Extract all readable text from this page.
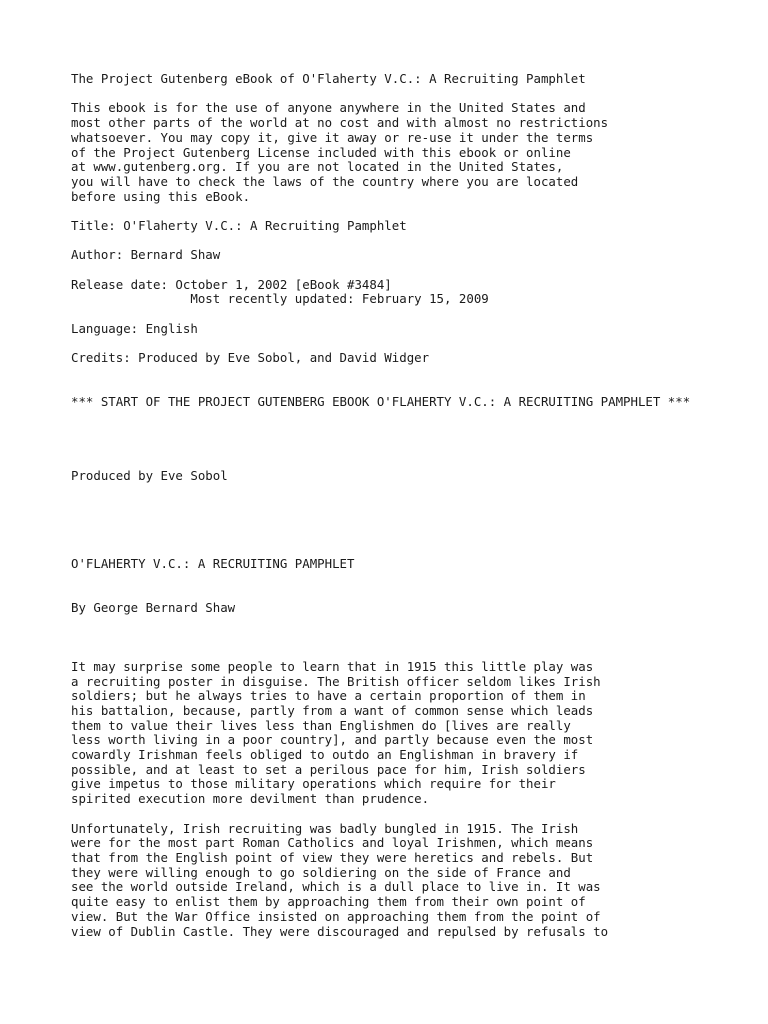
The Project Gutenberg eBook of O'Flaherty V.C.: A Recruiting Pamphlet
This ebook is for the use of anyone anywhere in the United States and
most other parts of the world at no cost and with almost no restrictions
whatsoever. You may copy it, give it away or re-use it under the terms
of the Project Gutenberg License included with this ebook or online
at www.gutenberg.org. If you are not located in the United States,
you will have to check the laws of the country where you are located
before using this eBook.
Title: O'Flaherty V.C.: A Recruiting Pamphlet
Author: Bernard Shaw
Release date: October 1, 2002 [eBook #3484]
Most recently updated: February 15, 2009
Language: English
Credits: Produced by Eve Sobol, and David Widger
*** START OF THE PROJECT GUTENBERG EBOOK O'FLAHERTY V.C.: A RECRUITING PAMPHLET ***
Produced by Eve Sobol
O'FLAHERTY V.C.: A RECRUITING PAMPHLET
By George Bernard Shaw
It may surprise some people to learn that in 1915 this little play was
a recruiting poster in disguise. The British officer seldom likes Irish
soldiers; but he always tries to have a certain proportion of them in
his battalion, because, partly from a want of common sense which leads
them to value their lives less than Englishmen do [lives are really
less worth living in a poor country], and partly because even the most
cowardly Irishman feels obliged to outdo an Englishman in bravery if
possible, and at least to set a perilous pace for him, Irish soldiers
give impetus to those military operations which require for their
spirited execution more devilment than prudence.
Unfortunately, Irish recruiting was badly bungled in 1915. The Irish
were for the most part Roman Catholics and loyal Irishmen, which means
that from the English point of view they were heretics and rebels. But
they were willing enough to go soldiering on the side of France and
see the world outside Ireland, which is a dull place to live in. It was
quite easy to enlist them by approaching them from their own point of
view. But the War Office insisted on approaching them from the point of
view of Dublin Castle. They were discouraged and repulsed by refusals to
